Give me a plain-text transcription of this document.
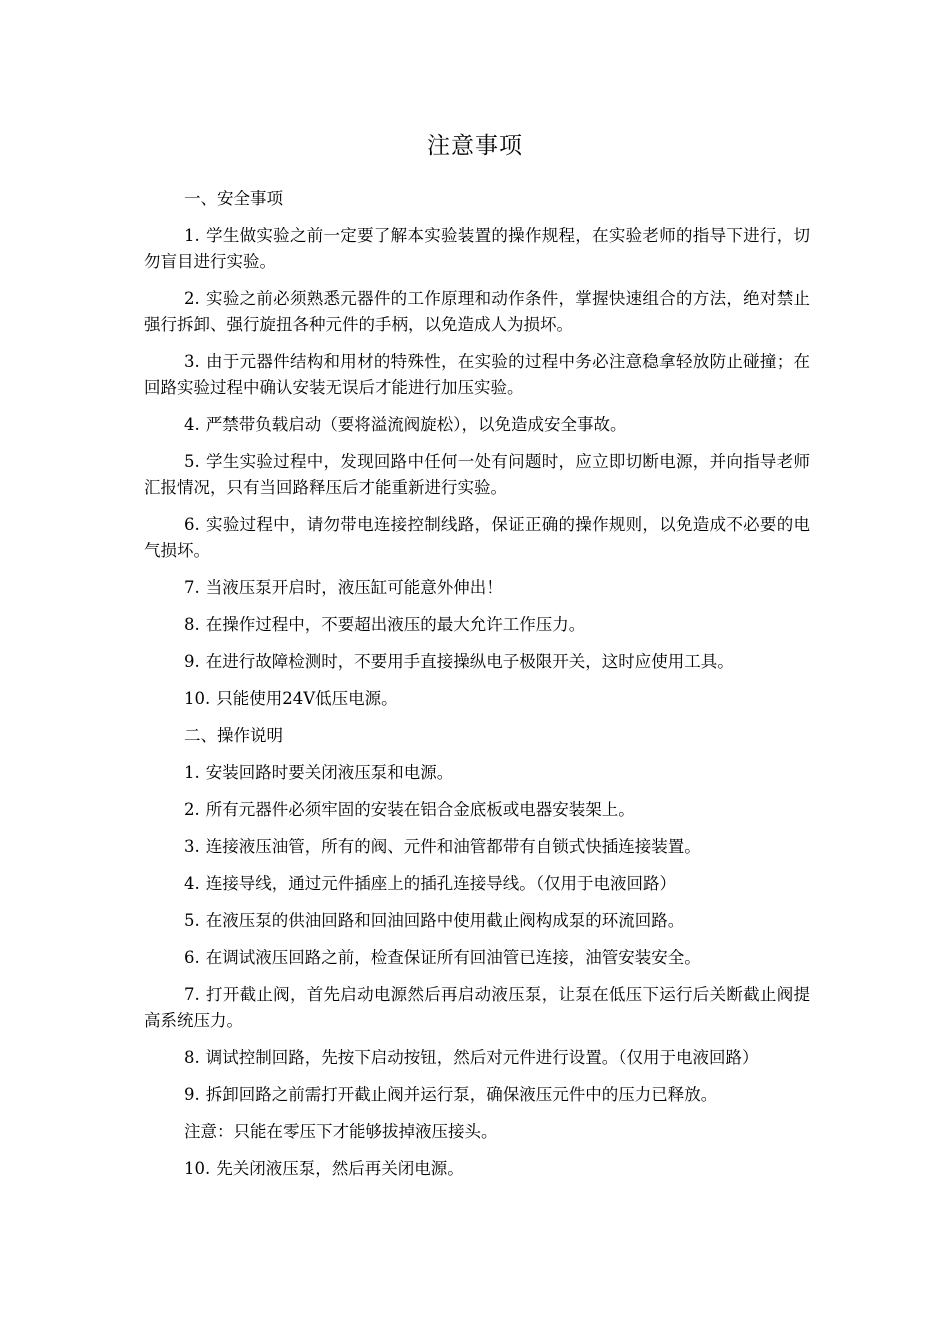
注意事项
一、安全事项

1. 学生做实验之前一定要了解本实验装置的操作规程，在实验老师的指导下进行，切勿盲目进行实验。

2. 实验之前必须熟悉元器件的工作原理和动作条件，掌握快速组合的方法，绝对禁止强行拆卸、强行旋扭各种元件的手柄，以免造成人为损坏。

3. 由于元器件结构和用材的特殊性，在实验的过程中务必注意稳拿轻放防止碰撞；在回路实验过程中确认安装无误后才能进行加压实验。

4. 严禁带负载启动（要将溢流阀旋松），以免造成安全事故。

5. 学生实验过程中，发现回路中任何一处有问题时，应立即切断电源，并向指导老师汇报情况，只有当回路释压后才能重新进行实验。

6. 实验过程中，请勿带电连接控制线路，保证正确的操作规则，以免造成不必要的电气损坏。

7. 当液压泵开启时，液压缸可能意外伸出！

8. 在操作过程中，不要超出液压的最大允许工作压力。

9. 在进行故障检测时，不要用手直接操纵电子极限开关，这时应使用工具。

10. 只能使用24V低压电源。

二、操作说明

1. 安装回路时要关闭液压泵和电源。

2. 所有元器件必须牢固的安装在铝合金底板或电器安装架上。

3. 连接液压油管，所有的阀、元件和油管都带有自锁式快插连接装置。

4. 连接导线，通过元件插座上的插孔连接导线。（仅用于电液回路）

5. 在液压泵的供油回路和回油回路中使用截止阀构成泵的环流回路。

6. 在调试液压回路之前，检查保证所有回油管已连接，油管安装安全。

7. 打开截止阀，首先启动电源然后再启动液压泵，让泵在低压下运行后关断截止阀提高系统压力。

8. 调试控制回路，先按下启动按钮，然后对元件进行设置。（仅用于电液回路）

9. 拆卸回路之前需打开截止阀并运行泵，确保液压元件中的压力已释放。

注意：只能在零压下才能够拔掉液压接头。

10. 先关闭液压泵，然后再关闭电源。
